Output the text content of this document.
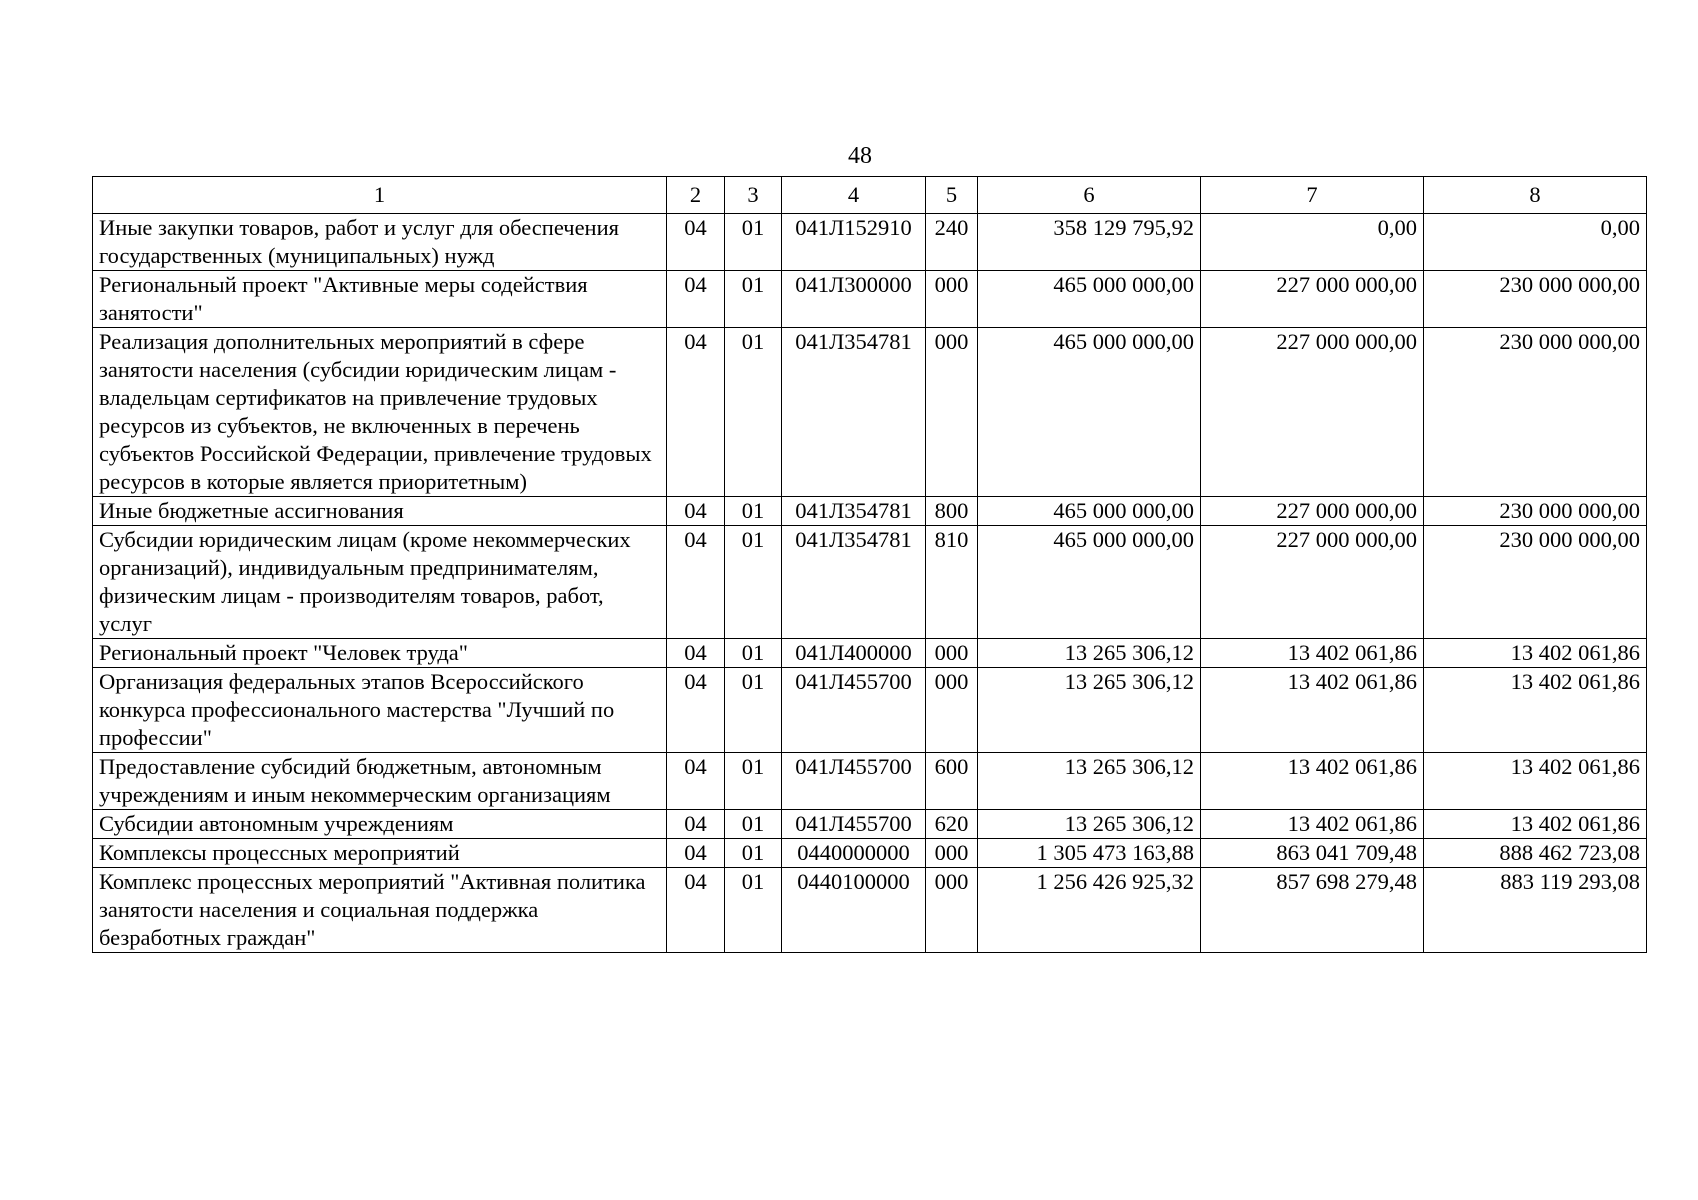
48
1	2	3	4	5	6	7	8
Иные закупки товаров, работ и услуг для обеспечения государственных (муниципальных) нужд	04	01	041Л152910	240	358 129 795,92	0,00	0,00
Региональный проект "Активные меры содействия занятости"	04	01	041Л300000	000	465 000 000,00	227 000 000,00	230 000 000,00
Реализация дополнительных мероприятий в сфере занятости населения (субсидии юридическим лицам - владельцам сертификатов на привлечение трудовых ресурсов из субъектов, не включенных в перечень субъектов Российской Федерации, привлечение трудовых ресурсов в которые является приоритетным)	04	01	041Л354781	000	465 000 000,00	227 000 000,00	230 000 000,00
Иные бюджетные ассигнования	04	01	041Л354781	800	465 000 000,00	227 000 000,00	230 000 000,00
Субсидии юридическим лицам (кроме некоммерческих организаций), индивидуальным предпринимателям, физическим лицам - производителям товаров, работ, услуг	04	01	041Л354781	810	465 000 000,00	227 000 000,00	230 000 000,00
Региональный проект "Человек труда"	04	01	041Л400000	000	13 265 306,12	13 402 061,86	13 402 061,86
Организация федеральных этапов Всероссийского конкурса профессионального мастерства "Лучший по профессии"	04	01	041Л455700	000	13 265 306,12	13 402 061,86	13 402 061,86
Предоставление субсидий бюджетным, автономным учреждениям и иным некоммерческим организациям	04	01	041Л455700	600	13 265 306,12	13 402 061,86	13 402 061,86
Субсидии автономным учреждениям	04	01	041Л455700	620	13 265 306,12	13 402 061,86	13 402 061,86
Комплексы процессных мероприятий	04	01	0440000000	000	1 305 473 163,88	863 041 709,48	888 462 723,08
Комплекс процессных мероприятий "Активная политика занятости населения и социальная поддержка безработных граждан"	04	01	0440100000	000	1 256 426 925,32	857 698 279,48	883 119 293,08
